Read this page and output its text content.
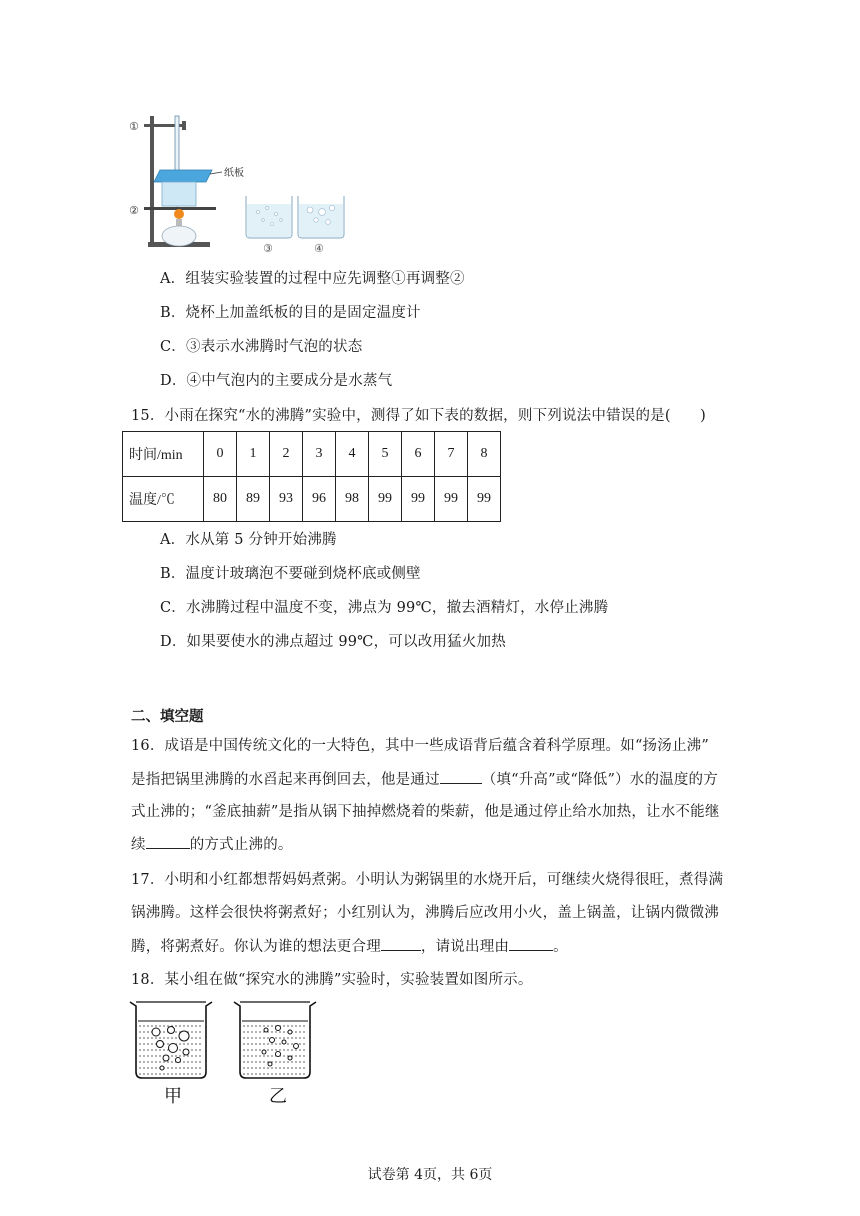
①
②
纸板
③	④
A．组装实验装置的过程中应先调整①再调整②
B．烧杯上加盖纸板的目的是固定温度计
C．③表示水沸腾时气泡的状态
D．④中气泡内的主要成分是水蒸气
15．小雨在探究“水的沸腾”实验中，测得了如下表的数据，则下列说法中错误的是(　　)
时间/min	0	1	2	3	4	5	6	7	8
温度/℃	80	89	93	96	98	99	99	99	99
A．水从第 5 分钟开始沸腾
B．温度计玻璃泡不要碰到烧杯底或侧壁
C．水沸腾过程中温度不变，沸点为 99℃，撤去酒精灯，水停止沸腾
D．如果要使水的沸点超过 99℃，可以改用猛火加热
二、填空题
16．成语是中国传统文化的一大特色，其中一些成语背后蕴含着科学原理。如“扬汤止沸”
是指把锅里沸腾的水舀起来再倒回去，他是通过	（填“升高”或“降低”）水的温度的方
式止沸的；“釜底抽薪”是指从锅下抽掉燃烧着的柴薪，他是通过停止给水加热，让水不能继
续	的方式止沸的。
17．小明和小红都想帮妈妈煮粥。小明认为粥锅里的水烧开后，可继续火烧得很旺，煮得满
锅沸腾。这样会很快将粥煮好；小红别认为，沸腾后应改用小火，盖上锅盖，让锅内微微沸
腾，将粥煮好。你认为谁的想法更合理	，请说出理由	。
18．某小组在做“探究水的沸腾”实验时，实验装置如图所示。
甲	乙
试卷第 4页，共 6页
